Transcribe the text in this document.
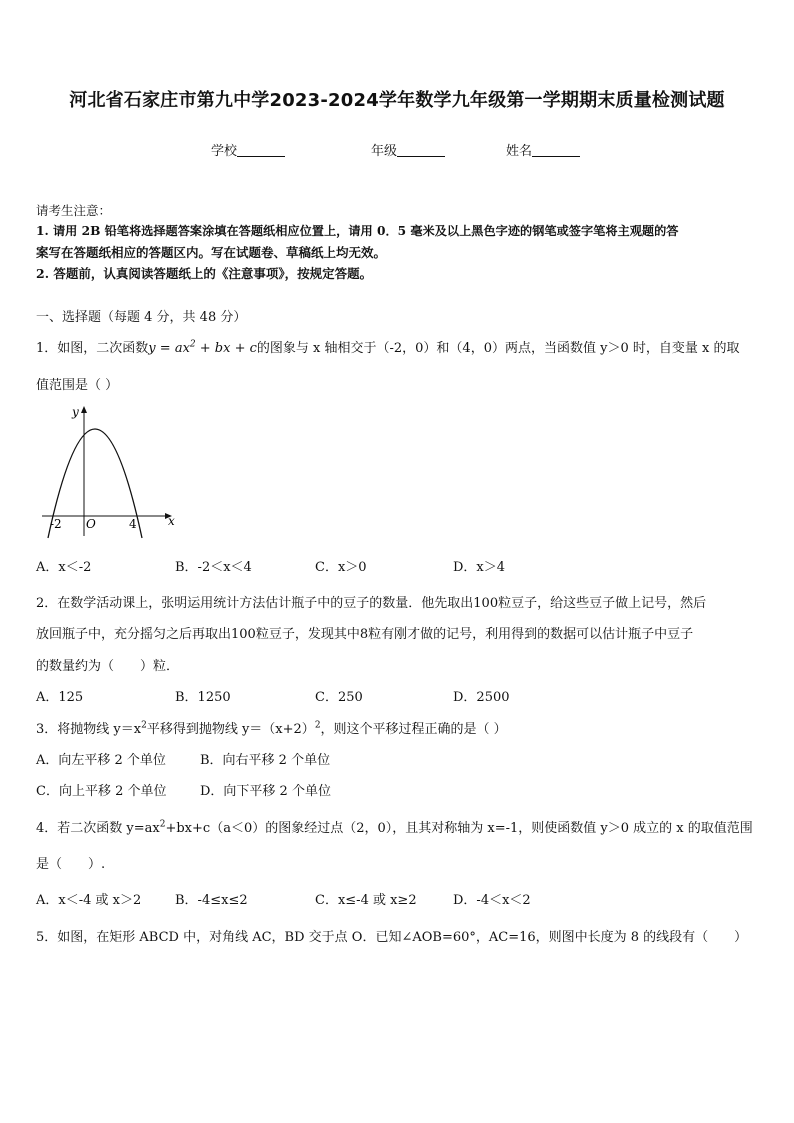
河北省石家庄市第九中学2023-2024学年数学九年级第一学期期末质量检测试题
学校	年级	姓名
请考生注意：
1. 请用 2B 铅笔将选择题答案涂填在答题纸相应位置上，请用 0．5 毫米及以上黑色字迹的钢笔或签字笔将主观题的答
案写在答题纸相应的答题区内。写在试题卷、草稿纸上均无效。
2. 答题前，认真阅读答题纸上的《注意事项》，按规定答题。
一、选择题（每题 4 分，共 48 分）
1．如图，二次函数$y = ax^2$ + bx + c的图象与 x 轴相交于（-2，0）和（4，0）两点，当函数值 y＞0 时，自变量 x 的取
值范围是（ ）
y
x
O
-2	4
A．x＜-2	B．-2＜x＜4	C．x＞0	D．x＞4
2．在数学活动课上，张明运用统计方法估计瓶子中的豆子的数量．他先取出100粒豆子，给这些豆子做上记号，然后
放回瓶子中，充分摇匀之后再取出100粒豆子，发现其中8粒有刚才做的记号，利用得到的数据可以估计瓶子中豆子
的数量约为（　　）粒．
A．125	B．1250	C．250	D．2500
3．将抛物线 $y=x^2$平移得到抛物线 $y=(x+2)^2$，则这个平移过程正确的是（ ）
A．向左平移 2 个单位	B．向右平移 2 个单位
C．向上平移 2 个单位	D．向下平移 2 个单位
4．若二次函数 $y=ax^2+bx+c(a<0)$的图象经过点（2，0），且其对称轴为 x=-1，则使函数值 y＞0 成立的 x 的取值范围
是（　　）.
A．x＜-4 或 x＞2	B．-4≤x≤2	C．x≤-4 或 x≥2	D．-4＜x＜2
5．如图，在矩形 ABCD 中，对角线 AC，BD 交于点 O．已知∠AOB=60°，AC=16，则图中长度为 8 的线段有（　　）
